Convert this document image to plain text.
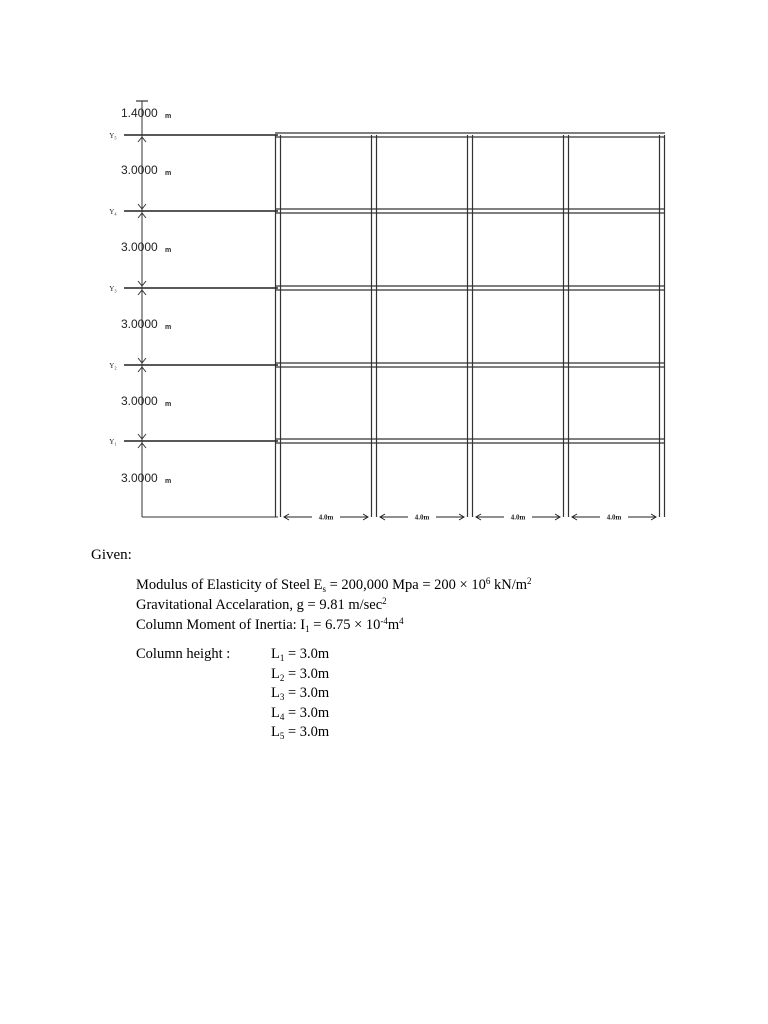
Y₅
Y₄
Y₃
Y₂
Y₁
1.4000 m
3.0000 m
3.0000 m
3.0000 m
3.0000 m
3.0000 m
4.0m	4.0m	4.0m	4.0m
Given:
Modulus of Elasticity of Steel $E_s = 200,000$ Mpa = $200 \times 10^6$ $kN/m^2$
Gravitational Accelaration, g = 9.81 $m/\sec^2$
Column Moment of Inertia: $I_1 = 6.75 \times 10^{-4}m^4$
Column height :	$L_1 = 3.0m$
$L_2 = 3.0m$
$L_3 = 3.0m$
$L_4 = 3.0m$
$L_5 = 3.0m$
